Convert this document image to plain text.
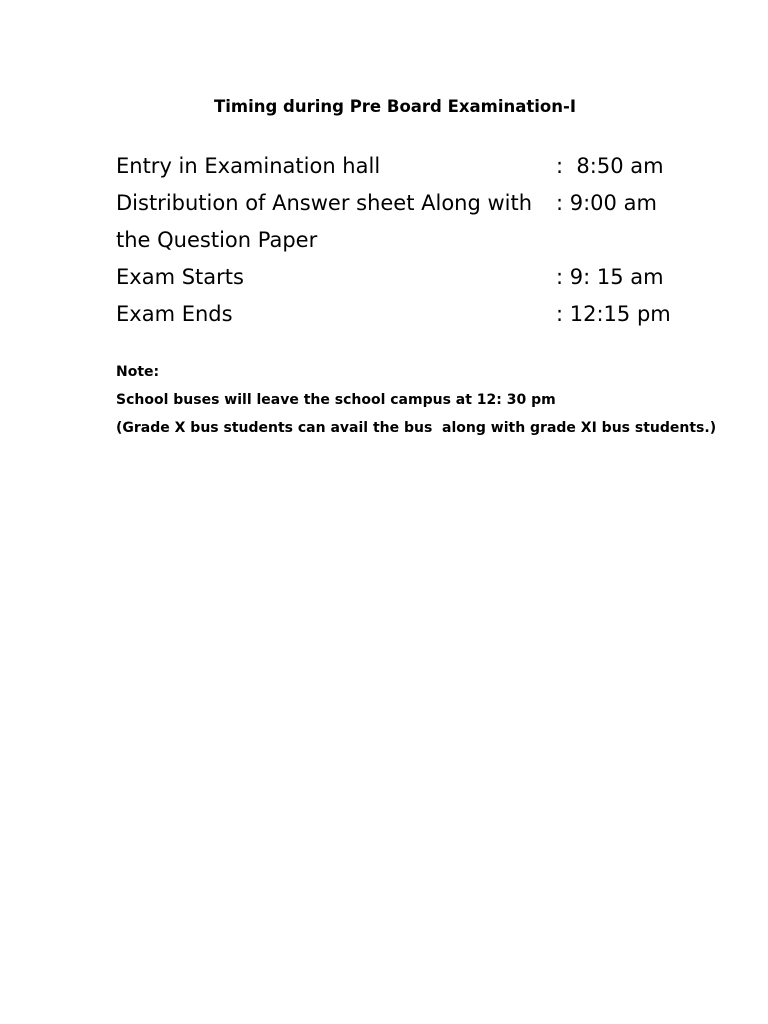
Timing during Pre Board Examination-I
Entry in Examination hall	:  8:50 am
Distribution of Answer sheet Along with the Question Paper
: 9:00 am
Exam Starts	: 9: 15 am
Exam Ends	: 12:15 pm
Note:
School buses will leave the school campus at 12: 30 pm
(Grade X bus students can avail the bus  along with grade XI bus students.)
